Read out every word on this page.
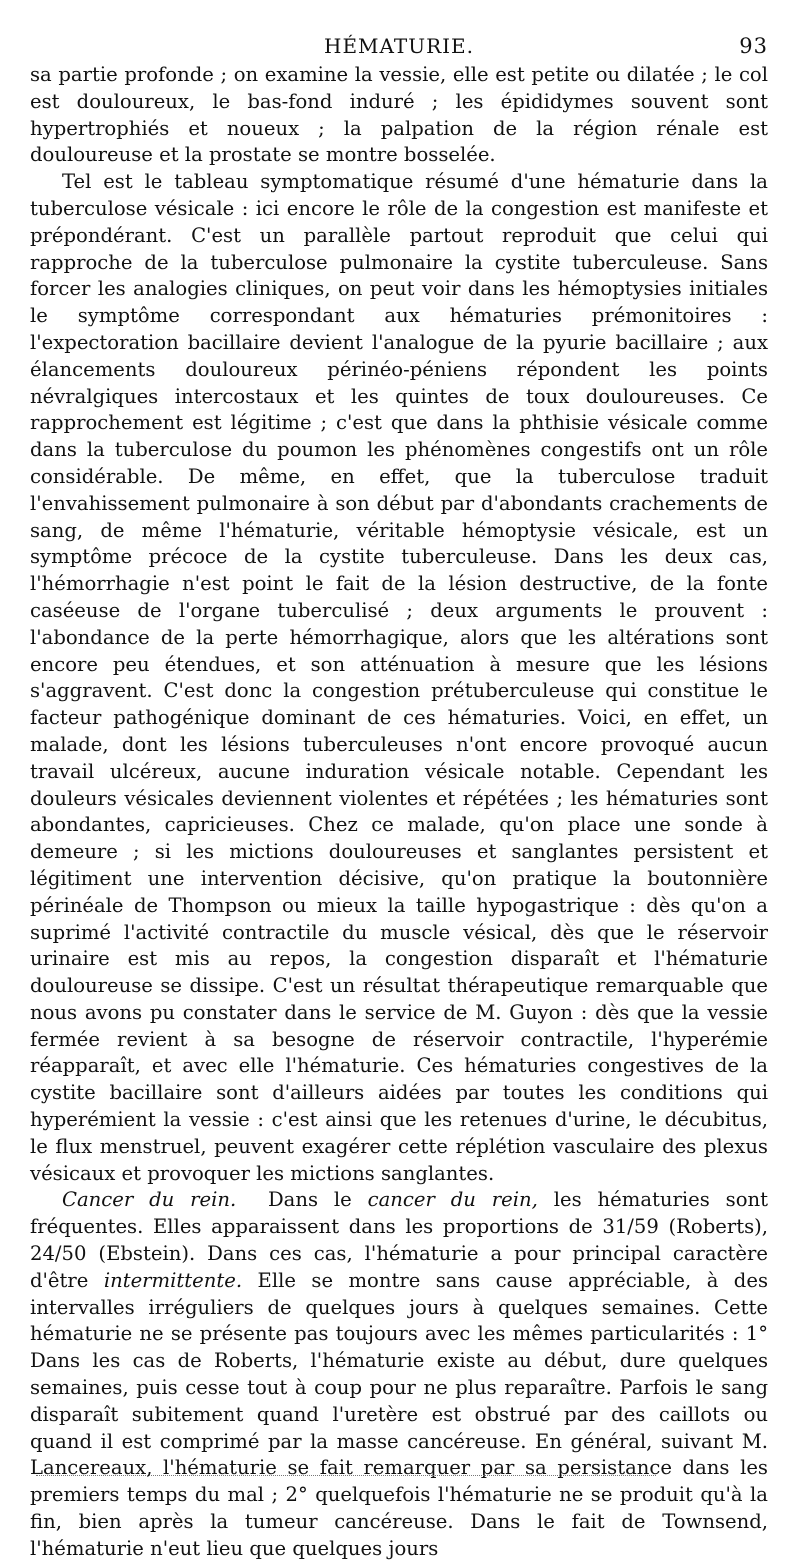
HÉMATURIE.	93

sa partie profonde ; on examine la vessie, elle est petite ou dilatée ; le col est douloureux, le bas-fond induré ; les épididymes souvent sont hypertrophiés et noueux ; la palpation de la région rénale est douloureuse et la prostate se montre bosselée.

Tel est le tableau symptomatique résumé d'une hématurie dans la tuberculose vésicale : ici encore le rôle de la congestion est manifeste et prépondérant. C'est un parallèle partout reproduit que celui qui rapproche de la tuberculose pulmonaire la cystite tuberculeuse. Sans forcer les analogies cliniques, on peut voir dans les hémoptysies initiales le symptôme correspondant aux hématuries prémonitoires : l'expectoration bacillaire devient l'analogue de la pyurie bacillaire ; aux élancements douloureux périnéo-péniens répondent les points névralgiques intercostaux et les quintes de toux douloureuses. Ce rapprochement est légitime ; c'est que dans la phthisie vésicale comme dans la tuberculose du poumon les phénomènes congestifs ont un rôle considérable. De même, en effet, que la tuberculose traduit l'envahissement pulmonaire à son début par d'abondants crachements de sang, de même l'hématurie, véritable hémoptysie vésicale, est un symptôme précoce de la cystite tuberculeuse. Dans les deux cas, l'hémorrhagie n'est point le fait de la lésion destructive, de la fonte caséeuse de l'organe tuberculisé ; deux arguments le prouvent : l'abondance de la perte hémorrhagique, alors que les altérations sont encore peu étendues, et son atténuation à mesure que les lésions s'aggravent. C'est donc la congestion prétuberculeuse qui constitue le facteur pathogénique dominant de ces hématuries. Voici, en effet, un malade, dont les lésions tuberculeuses n'ont encore provoqué aucun travail ulcéreux, aucune induration vésicale notable. Cependant les douleurs vésicales deviennent violentes et répétées ; les hématuries sont abondantes, capricieuses. Chez ce malade, qu'on place une sonde à demeure ; si les mictions douloureuses et sanglantes persistent et légitiment une intervention décisive, qu'on pratique la boutonnière périnéale de Thompson ou mieux la taille hypogastrique : dès qu'on a suprimé l'activité contractile du muscle vésical, dès que le réservoir urinaire est mis au repos, la congestion disparaît et l'hématurie douloureuse se dissipe. C'est un résultat thérapeutique remarquable que nous avons pu constater dans le service de M. Guyon : dès que la vessie fermée revient à sa besogne de réservoir contractile, l'hyperémie réapparaît, et avec elle l'hématurie. Ces hématuries congestives de la cystite bacillaire sont d'ailleurs aidées par toutes les conditions qui hyperémient la vessie : c'est ainsi que les retenues d'urine, le décubitus, le flux menstruel, peuvent exagérer cette réplétion vasculaire des plexus vésicaux et provoquer les mictions sanglantes.

Cancer du rein. Dans le cancer du rein, les hématuries sont fréquentes. Elles apparaissent dans les proportions de 31/59 (Roberts), 24/50 (Ebstein). Dans ces cas, l'hématurie a pour principal caractère d'être intermittente. Elle se montre sans cause appréciable, à des intervalles irréguliers de quelques jours à quelques semaines. Cette hématurie ne se présente pas toujours avec les mêmes particularités : 1° Dans les cas de Roberts, l'hématurie existe au début, dure quelques semaines, puis cesse tout à coup pour ne plus reparaître. Parfois le sang disparaît subitement quand l'uretère est obstrué par des caillots ou quand il est comprimé par la masse cancéreuse. En général, suivant M. Lancereaux, l'hématurie se fait remarquer par sa persistance dans les premiers temps du mal ; 2° quelquefois l'hématurie ne se produit qu'à la fin, bien après la tumeur cancéreuse. Dans le fait de Townsend, l'hématurie n'eut lieu que quelques jours
